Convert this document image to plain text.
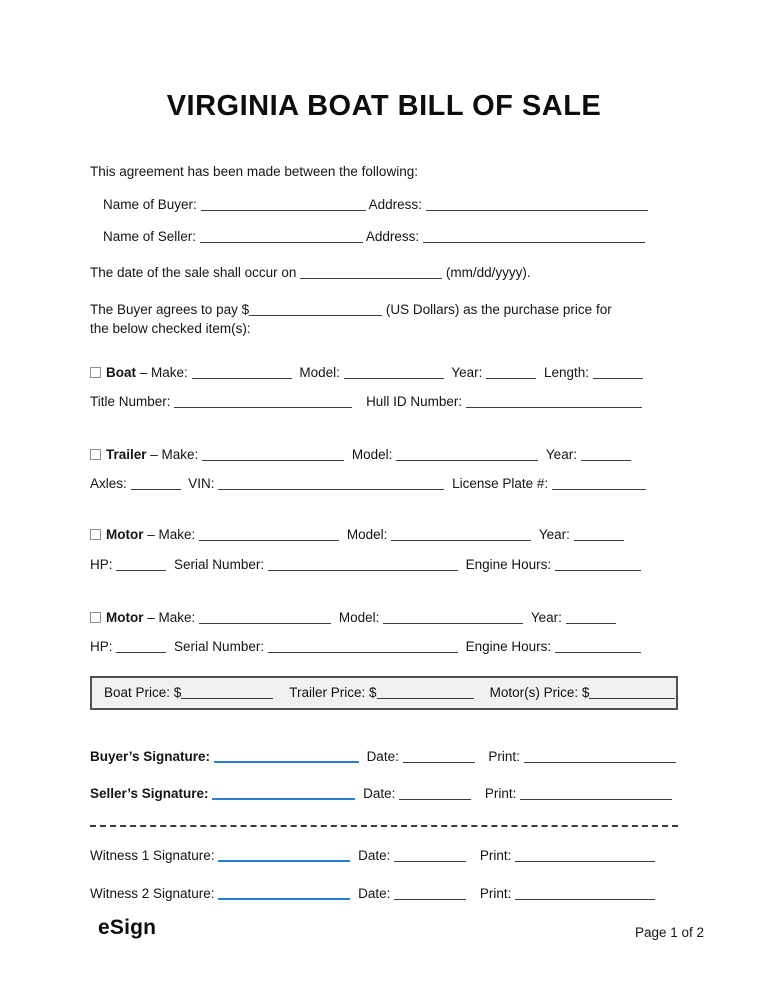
VIRGINIA BOAT BILL OF SALE
This agreement has been made between the following:
Name of Buyer:	Address:
Name of Seller:	Address:
The date of the sale shall occur on	(mm/dd/yyyy).
The Buyer agrees to pay $	(US Dollars) as the purchase price for
the below checked item(s):
Boat – Make:	Model:	Year:	Length:
Title Number:	Hull ID Number:
Trailer – Make:	Model:	Year:
Axles:	VIN:	License Plate #:
Motor – Make:	Model:	Year:
HP:	Serial Number:	Engine Hours:
Motor – Make:	Model:	Year:
HP:	Serial Number:	Engine Hours:
Boat Price: $	Trailer Price: $	Motor(s) Price: $
Buyer’s Signature:	Date:	Print:
Seller’s Signature:	Date:	Print:
Witness 1 Signature:	Date:	Print:
Witness 2 Signature:	Date:	Print:
eSign	Page 1 of 2
